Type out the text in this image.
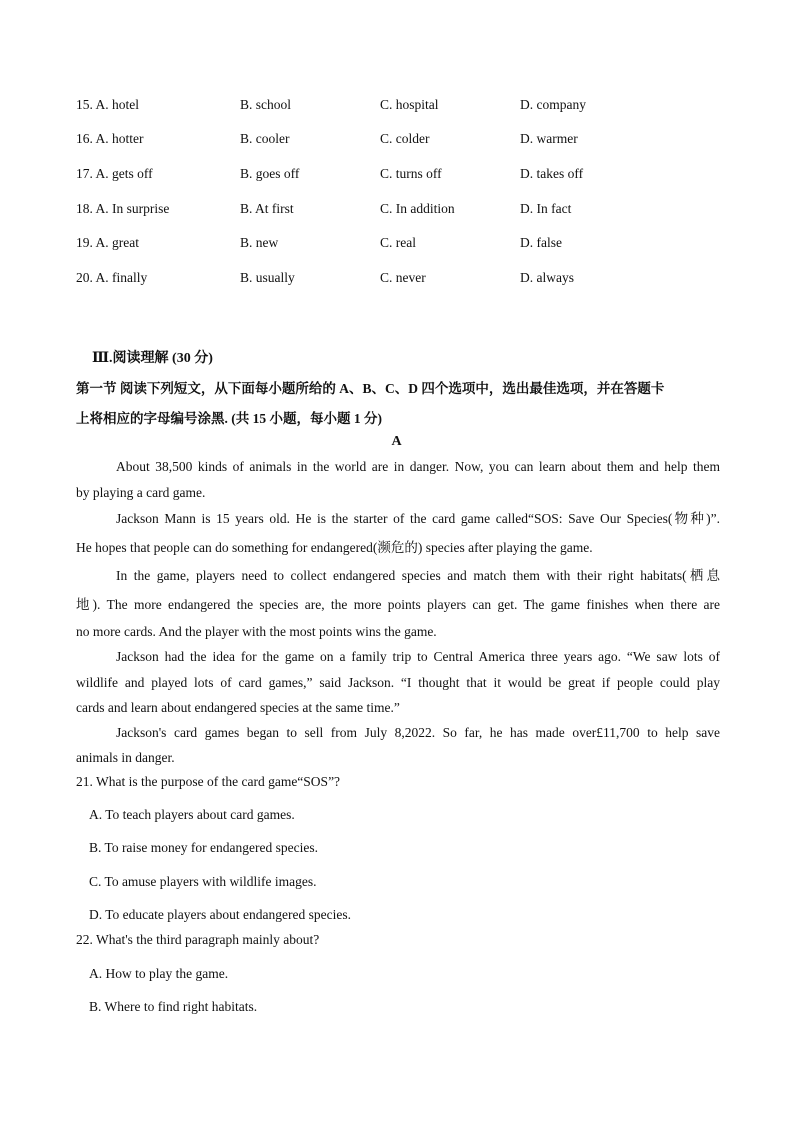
15. A. hotel	B. school	C. hospital	D. company
16. A. hotter	B. cooler	C. colder	D. warmer
17. A. gets off	B. goes off	C. turns off	D. takes off
18. A. In surprise	B. At first	C. In addition	D. In fact
19. A. great	B. new	C. real	D. false
20. A. finally	B. usually	C. never	D. always
Ⅲ.阅读理解 (30 分)
第一节 阅读下列短文，从下面每小题所给的 A、B、C、D 四个选项中，选出最佳选项，并在答题卡
上将相应的字母编号涂黑. (共 15 小题，每小题 1 分)
A
About 38,500 kinds of animals in the world are in danger. Now, you can learn about them and help them
by playing a card game.
Jackson Mann is 15 years old. He is the starter of the card game called“SOS: Save Our Species(物种)”.
He hopes that people can do something for endangered(濒危的) species after playing the game.
In the game, players need to collect endangered species and match them with their right habitats(栖息
地). The more endangered the species are, the more points players can get. The game finishes when there are
no more cards. And the player with the most points wins the game.
Jackson had the idea for the game on a family trip to Central America three years ago. “We saw lots of
wildlife and played lots of card games,” said Jackson. “I thought that it would be great if people could play
cards and learn about endangered species at the same time.”
Jackson's card games began to sell from July 8,2022. So far, he has made over£11,700 to help save
animals in danger.
21. What is the purpose of the card game“SOS”?
A. To teach players about card games.
B. To raise money for endangered species.
C. To amuse players with wildlife images.
D. To educate players about endangered species.
22. What's the third paragraph mainly about?
A. How to play the game.
B. Where to find right habitats.
